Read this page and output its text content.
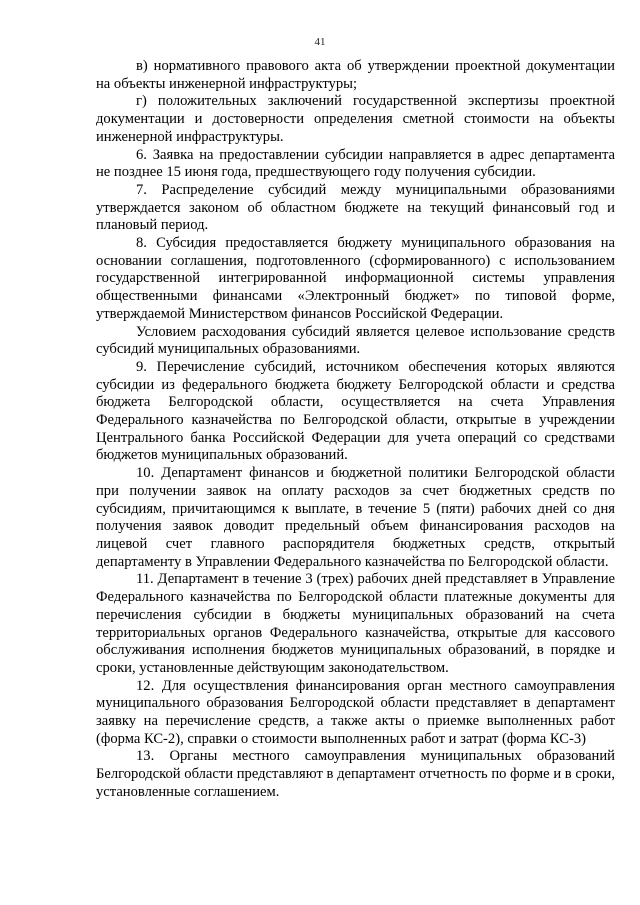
41

в) нормативного правового акта об утверждении проектной документации на объекты инженерной инфраструктуры;

г) положительных заключений государственной экспертизы проектной документации и достоверности определения сметной стоимости на объекты инженерной инфраструктуры.

6. Заявка на предоставлении субсидии направляется в адрес департамента не позднее 15 июня года, предшествующего году получения субсидии.

7. Распределение субсидий между муниципальными образованиями утверждается законом об областном бюджете на текущий финансовый год и плановый период.

8. Субсидия предоставляется бюджету муниципального образования на основании соглашения, подготовленного (сформированного) с использованием государственной интегрированной информационной системы управления общественными финансами «Электронный бюджет» по типовой форме, утверждаемой Министерством финансов Российской Федерации.

Условием расходования субсидий является целевое использование средств субсидий муниципальных образованиями.

9. Перечисление субсидий, источником обеспечения которых являются субсидии из федерального бюджета бюджету Белгородской области и средства бюджета Белгородской области, осуществляется на счета Управления Федерального казначейства по Белгородской области, открытые в учреждении Центрального банка Российской Федерации для учета операций со средствами бюджетов муниципальных образований.

10. Департамент финансов и бюджетной политики Белгородской области при получении заявок на оплату расходов за счет бюджетных средств по субсидиям, причитающимся к выплате, в течение 5 (пяти) рабочих дней со дня получения заявок доводит предельный объем финансирования расходов на лицевой счет главного распорядителя бюджетных средств, открытый департаменту в Управлении Федерального казначейства по Белгородской области.

11. Департамент в течение 3 (трех) рабочих дней представляет в Управление Федерального казначейства по Белгородской области платежные документы для перечисления субсидии в бюджеты муниципальных образований на счета территориальных органов Федерального казначейства, открытые для кассового обслуживания исполнения бюджетов муниципальных образований, в порядке и сроки, установленные действующим законодательством.

12. Для осуществления финансирования орган местного самоуправления муниципального образования Белгородской области представляет в департамент заявку на перечисление средств, а также акты о приемке выполненных работ (форма КС-2), справки о стоимости выполненных работ и затрат (форма КС-3)

13. Органы местного самоуправления муниципальных образований Белгородской области представляют в департамент отчетность по форме и в сроки, установленные соглашением.
